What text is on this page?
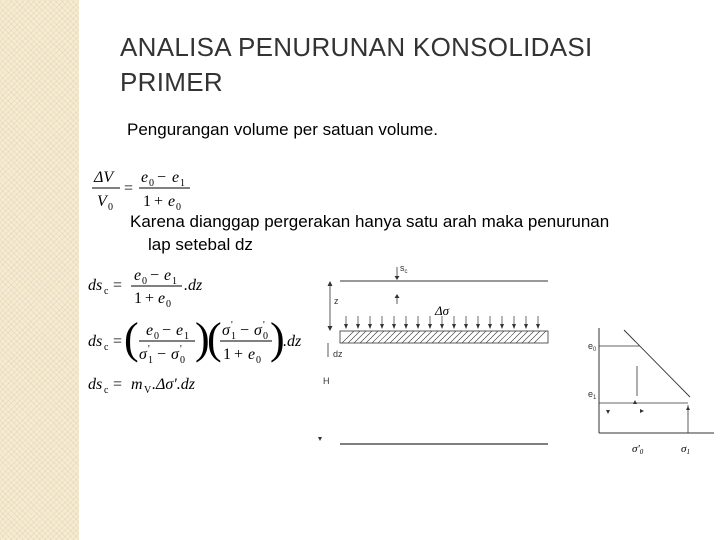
ANALISA PENURUNAN KONSOLIDASI PRIMER
Pengurangan volume per satuan volume.
Karena dianggap pergerakan hanya satu arah maka penurunan
lap setebal dz
ΔV
V 0
=
e 0 − e 1
1 + e 0
ds c =
e 0 − e 1
1 + e 0
.dz
ds c = ( e 0 − e 1
σ '
1 − σ '
0 )
( σ '
1 − σ '
0
1 + e 0 )
.dz
ds c = m V .Δσ'.dz
$s_c$
z
Δσ
dz
H
$e_0$
$e_1$
σ'0	σ1
